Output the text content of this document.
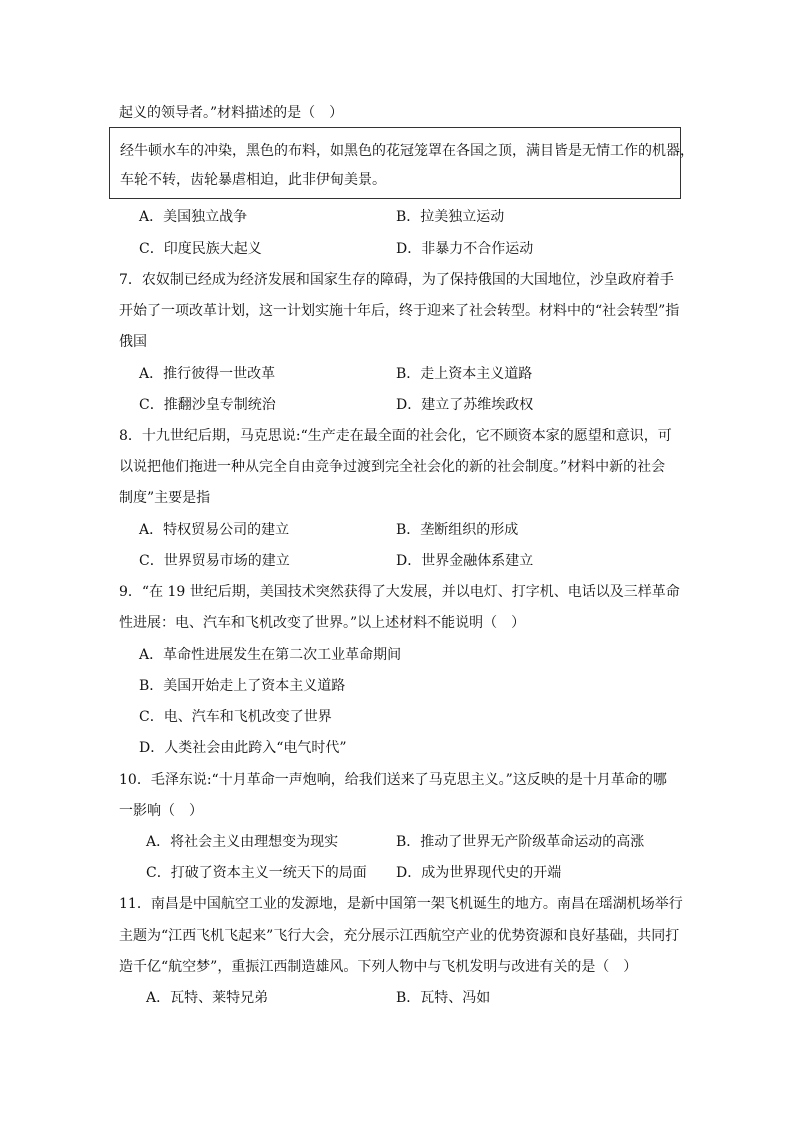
起义的领导者。”材料描述的是（　）
经牛顿水车的冲染，黑色的布料，如黑色的花冠笼罩在各国之顶，满目皆是无情工作的机器，
车轮不转，齿轮暴虐相迫，此非伊甸美景。
A．美国独立战争	B．拉美独立运动
C．印度民族大起义	D．非暴力不合作运动
7．农奴制已经成为经济发展和国家生存的障碍，为了保持俄国的大国地位，沙皇政府着手
开始了一项改革计划，这一计划实施十年后，终于迎来了社会转型。材料中的“社会转型”指
俄国
A．推行彼得一世改革	B．走上资本主义道路
C．推翻沙皇专制统治	D．建立了苏维埃政权
8．十九世纪后期，马克思说:“生产走在最全面的社会化，它不顾资本家的愿望和意识，可
以说把他们拖进一种从完全自由竞争过渡到完全社会化的新的社会制度。”材料中新的社会
制度”主要是指
A．特权贸易公司的建立	B．垄断组织的形成
C．世界贸易市场的建立	D．世界金融体系建立
9．“在 19 世纪后期，美国技术突然获得了大发展，并以电灯、打字机、电话以及三样革命
性进展：电、汽车和飞机改变了世界。”以上述材料不能说明（　）
A．革命性进展发生在第二次工业革命期间
B．美国开始走上了资本主义道路
C．电、汽车和飞机改变了世界
D．人类社会由此跨入“电气时代”
10．毛泽东说:“十月革命一声炮响，给我们送来了马克思主义。”这反映的是十月革命的哪
一影响（　）
A．将社会主义由理想变为现实	B．推动了世界无产阶级革命运动的高涨
C．打破了资本主义一统天下的局面 D．成为世界现代史的开端
11．南昌是中国航空工业的发源地，是新中国第一架飞机诞生的地方。南昌在瑶湖机场举行
主题为“江西飞机飞起来”飞行大会，充分展示江西航空产业的优势资源和良好基础，共同打
造千亿“航空梦”，重振江西制造雄风。下列人物中与飞机发明与改进有关的是（　）
A．瓦特、莱特兄弟	B．瓦特、冯如
